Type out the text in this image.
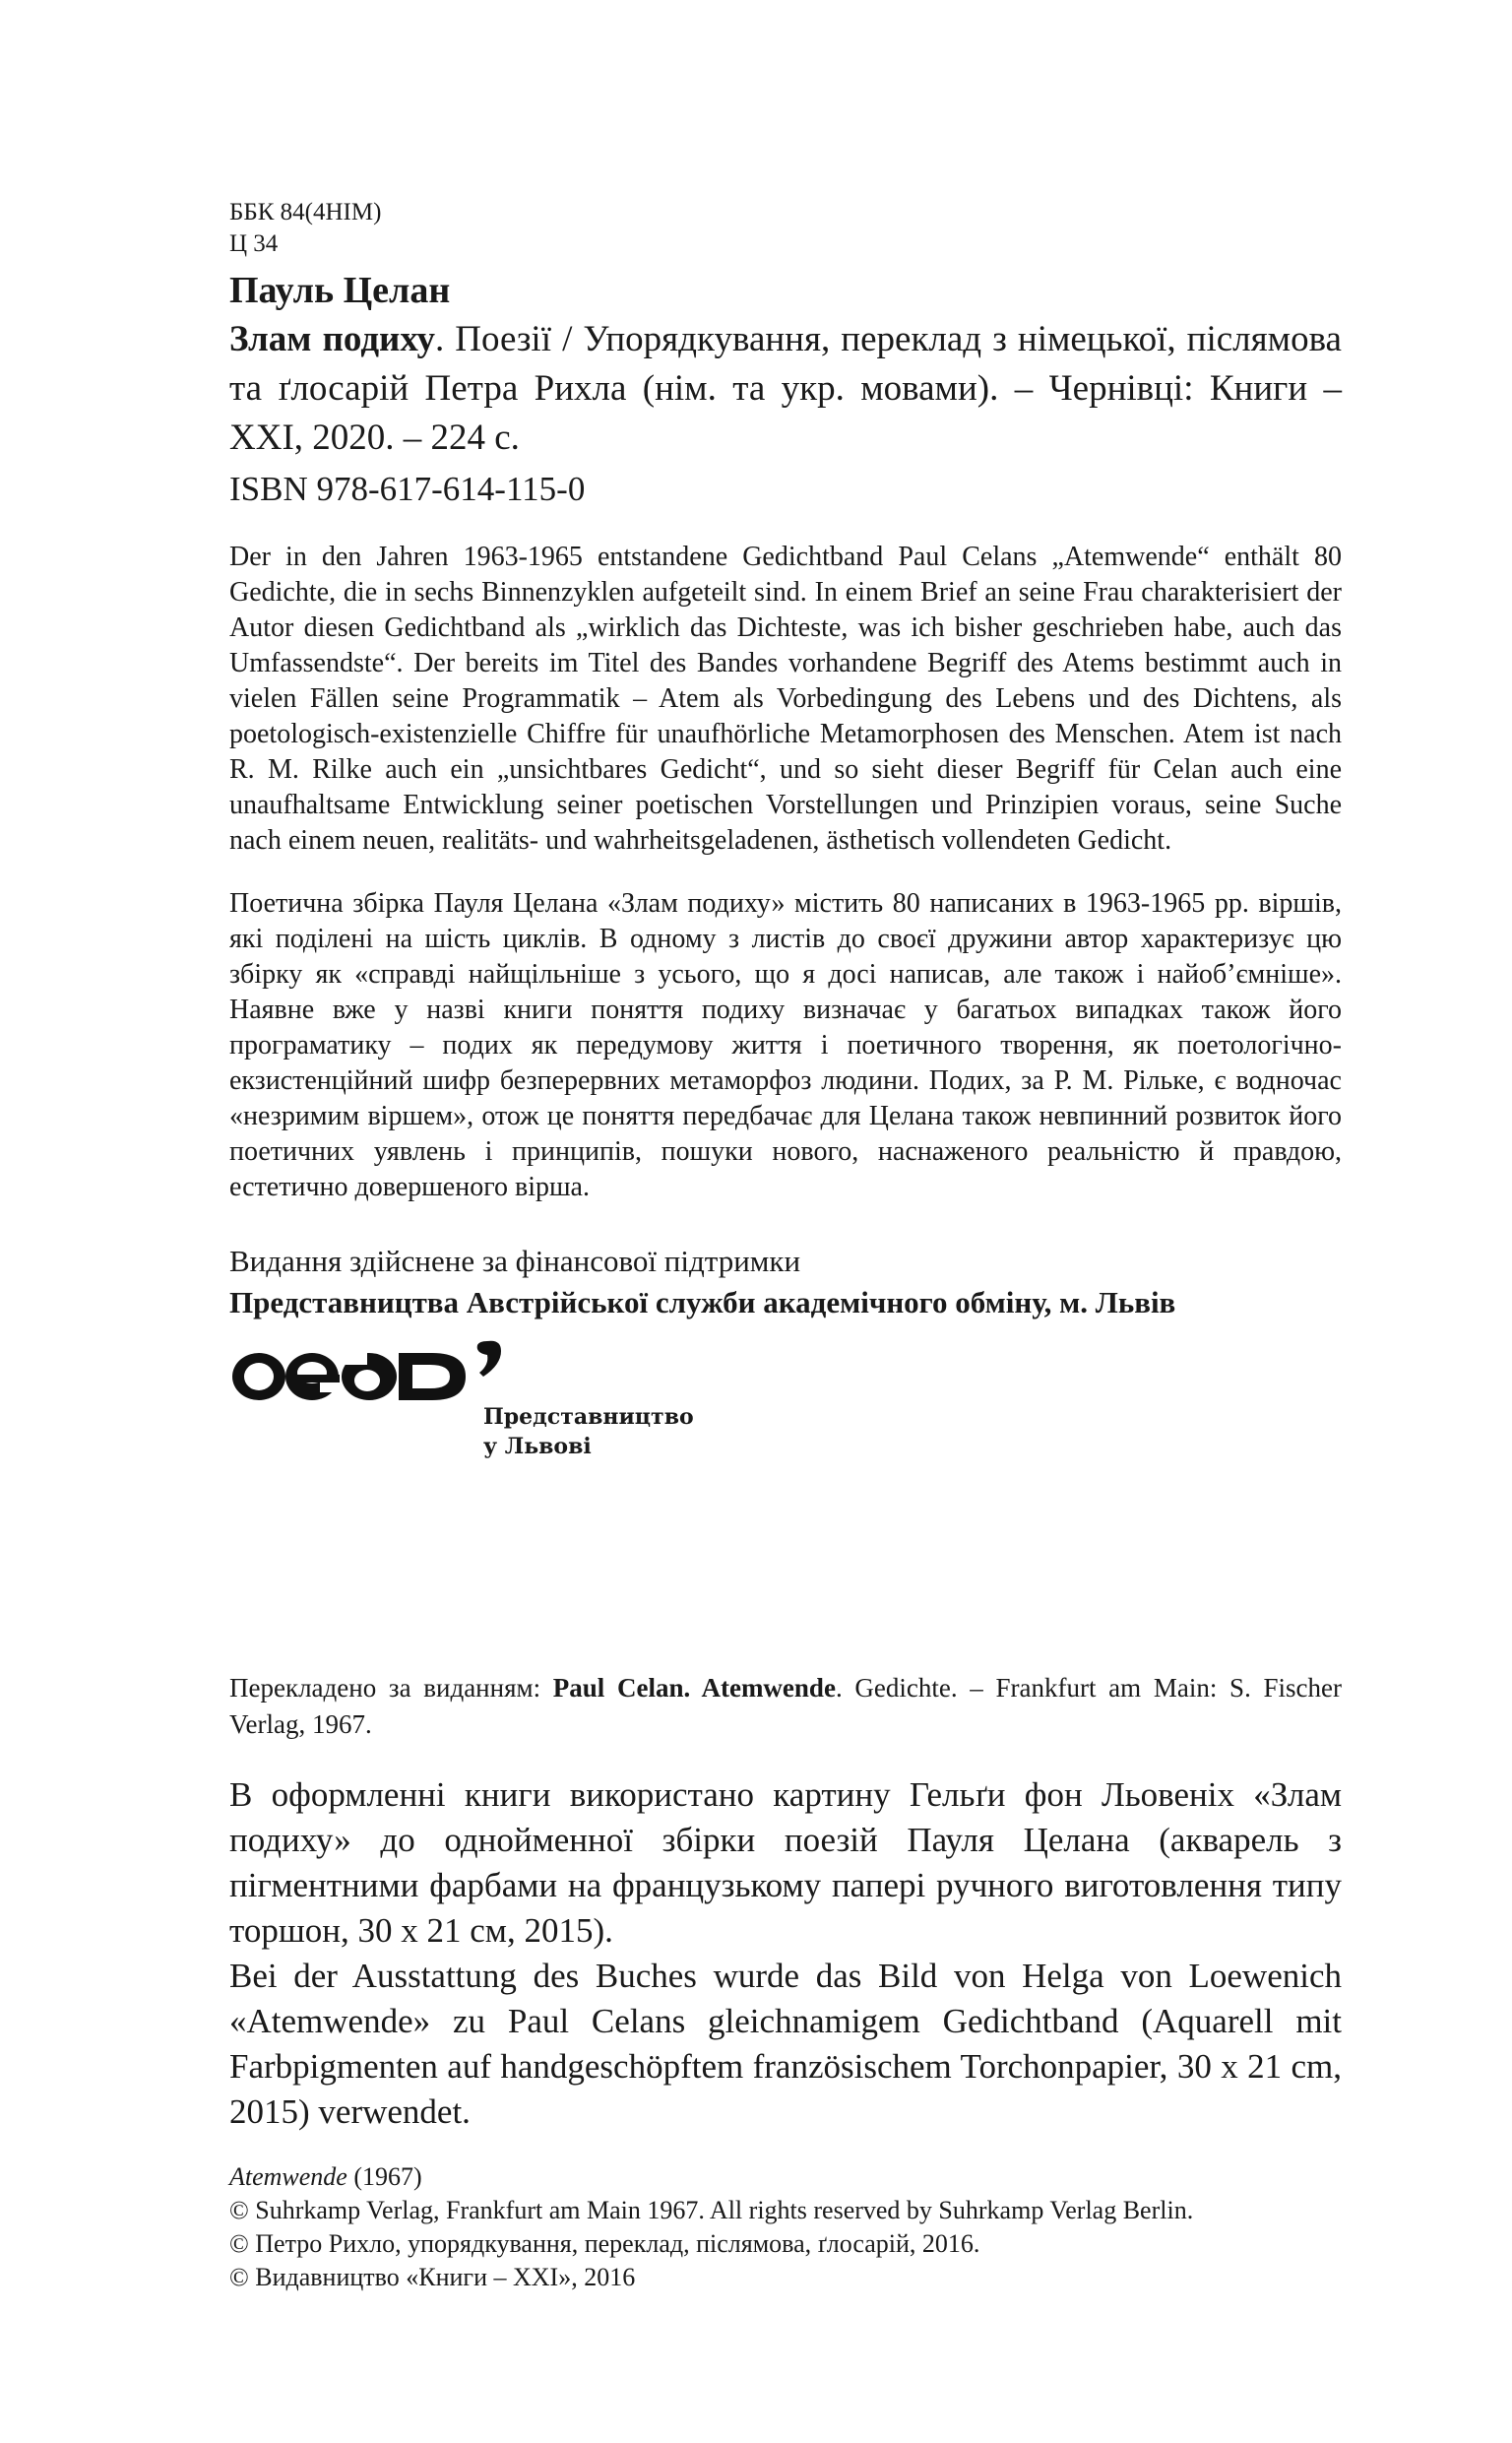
ББК 84(4НІМ)
Ц 34
Пауль Целан
Злам подиху. Поезії / Упорядкування, переклад з німецької, післямова та ґлосарій Петра Рихла (нім. та укр. мовами). – Чернівці: Книги – ХХІ, 2020. – 224 с.
ISBN 978-617-614-115-0

Der in den Jahren 1963-1965 entstandene Gedichtband Paul Celans „Atemwende“ enthält 80 Gedichte, die in sechs Binnenzyklen aufgeteilt sind. In einem Brief an seine Frau charakterisiert der Autor diesen Gedichtband als „wirklich das Dichteste, was ich bisher geschrieben habe, auch das Umfassendste“. Der bereits im Titel des Bandes vorhandene Begriff des Atems bestimmt auch in vielen Fällen seine Programmatik – Atem als Vorbedingung des Lebens und des Dichtens, als poetologisch-existenzielle Chiffre für unaufhörliche Metamorphosen des Menschen. Atem ist nach R. M. Rilke auch ein „unsichtbares Gedicht“, und so sieht dieser Begriff für Celan auch eine unaufhaltsame Entwicklung seiner poetischen Vorstellungen und Prinzipien voraus, seine Suche nach einem neuen, realitäts- und wahrheitsgeladenen, ästhetisch vollendeten Gedicht.

Поетична збірка Пауля Целана «Злам подиху» містить 80 написаних в 1963-1965 рр. віршів, які поділені на шість циклів. В одному з листів до своєї дружини автор характеризує цю збірку як «справді найщільніше з усього, що я досі написав, але також і найоб’ємніше». Наявне вже у назві книги поняття подиху визначає у багатьох випадках також його програматику – подих як передумову життя і поетичного творення, як поетологічно-екзистенційний шифр безперервних метаморфоз людини. Подих, за Р. М. Рільке, є водночас «незримим віршем», отож це поняття передбачає для Целана також невпинний розвиток його поетичних уявлень і принципів, пошуки нового, наснаженого реальністю й правдою, естетично довершеного вірша.

Видання здійснене за фінансової підтримки
Представництва Австрійської служби академічного обміну, м. Львів
Представництво
у Львові
Перекладено за виданням: Paul Celan. Atemwende. Gedichte. – Frankfurt am Main: S. Fischer Verlag, 1967.
В оформленні книги використано картину Гельґи фон Льовеніх «Злам подиху» до однойменної збірки поезій Пауля Целана (акварель з пігментними фарбами на французькому папері ручного виготовлення типу торшон, 30 х 21 см, 2015).
Bei der Ausstattung des Buches wurde das Bild von Helga von Loewenich «Atemwende» zu Paul Celans gleichnamigem Gedichtband (Aquarell mit Farbpigmenten auf handgeschöpftem französischem Torchonpapier, 30 x 21 cm, 2015) verwendet.
Atemwende (1967)
© Suhrkamp Verlag, Frankfurt am Main 1967. All rights reserved by Suhrkamp Verlag Berlin.
© Петро Рихло, упорядкування, переклад, післямова, ґлосарій, 2016.
© Видавництво «Книги – ХХІ», 2016
